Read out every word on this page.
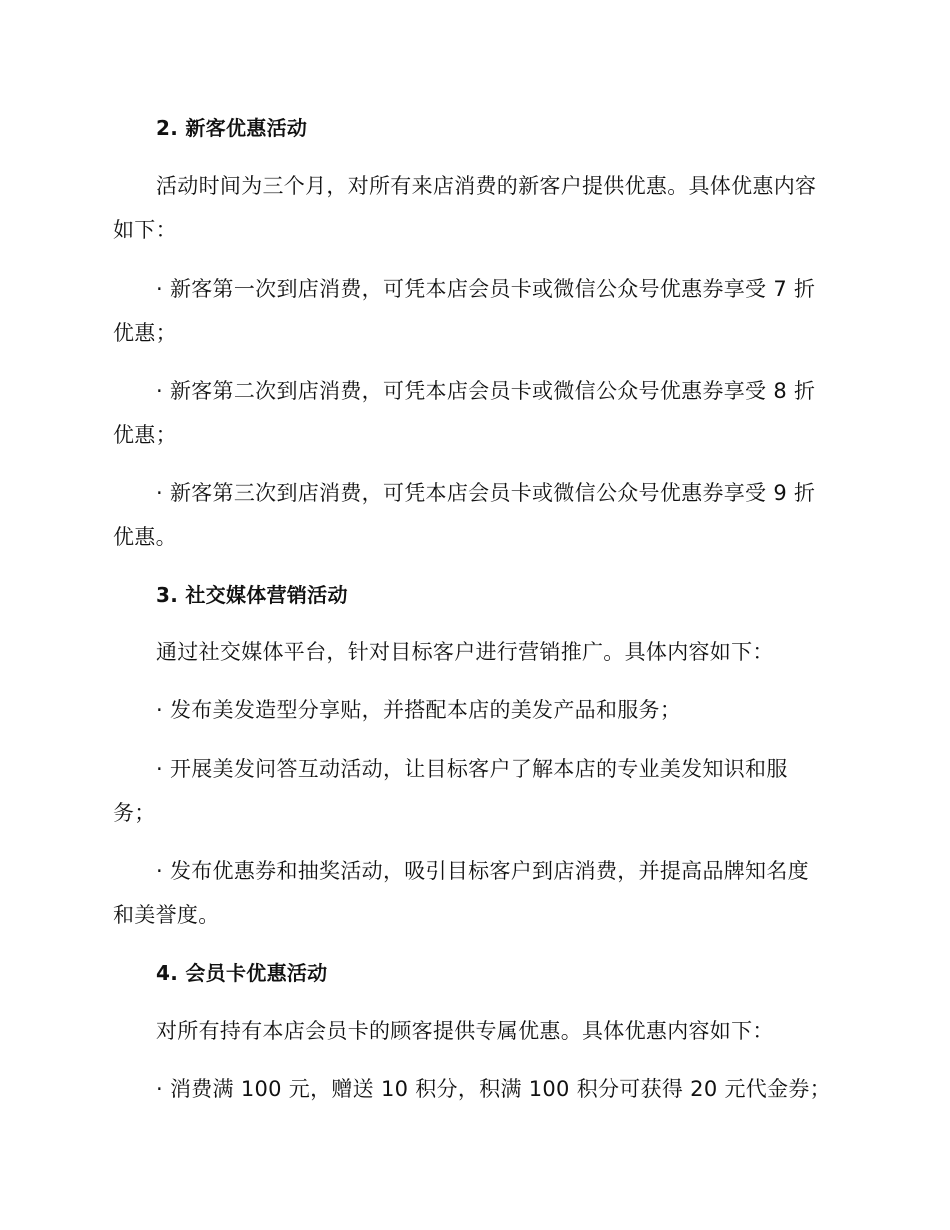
2. 新客优惠活动
活动时间为三个月，对所有来店消费的新客户提供优惠。具体优惠内容
如下：
· 新客第一次到店消费，可凭本店会员卡或微信公众号优惠券享受 7 折
优惠；
· 新客第二次到店消费，可凭本店会员卡或微信公众号优惠券享受 8 折
优惠；
· 新客第三次到店消费，可凭本店会员卡或微信公众号优惠券享受 9 折
优惠。
3. 社交媒体营销活动
通过社交媒体平台，针对目标客户进行营销推广。具体内容如下：
· 发布美发造型分享贴，并搭配本店的美发产品和服务；
· 开展美发问答互动活动，让目标客户了解本店的专业美发知识和服
务；
· 发布优惠券和抽奖活动，吸引目标客户到店消费，并提高品牌知名度
和美誉度。
4. 会员卡优惠活动
对所有持有本店会员卡的顾客提供专属优惠。具体优惠内容如下：
· 消费满 100 元，赠送 10 积分，积满 100 积分可获得 20 元代金券；
